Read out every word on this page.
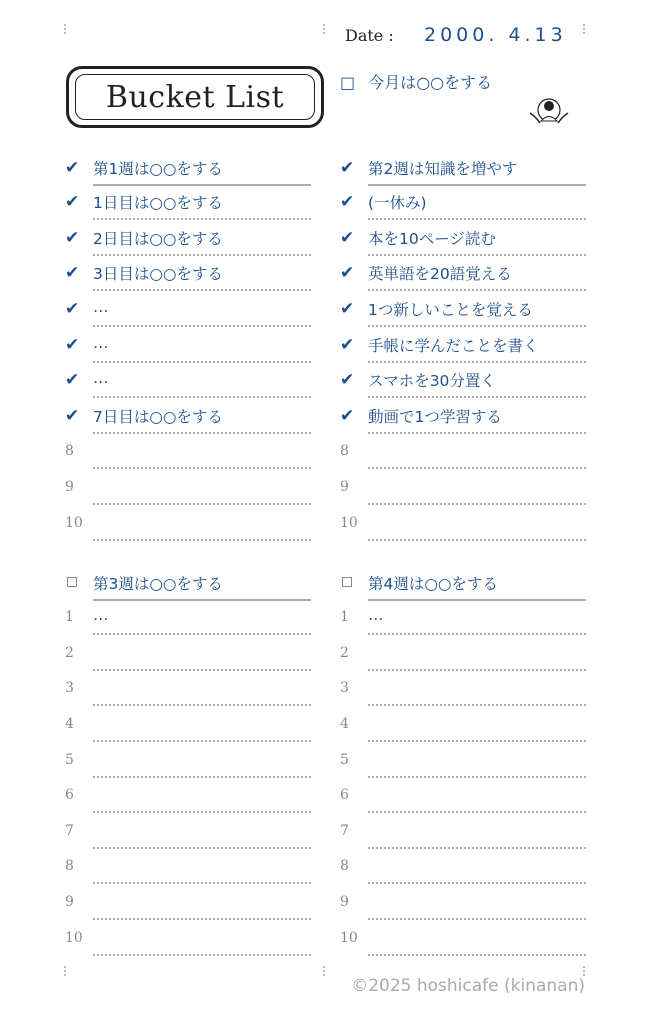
Bucket List
Date : 2000. 4.13
□ 今月は○○をする
✔ 第1週は○○をする
✔ 1日目は○○をする
✔ 2日目は○○をする
✔ 3日目は○○をする
✔ …
✔ …
✔ …
✔ 7日目は○○をする
8
9
10
✔ 第2週は知識を増やす
✔ (一休み)
✔ 本を10ページ読む
✔ 英単語を20語覚える
✔ 1つ新しいことを覚える
✔ 手帳に学んだことを書く
✔ スマホを30分置く
✔ 動画で1つ学習する
8
9
10
第3週は○○をする
1 …
2
3
4
5
6
7
8
9
10
第4週は○○をする
1 …
2
3
4
5
6
7
8
9
10
©2025 hoshicafe (kinanan)
